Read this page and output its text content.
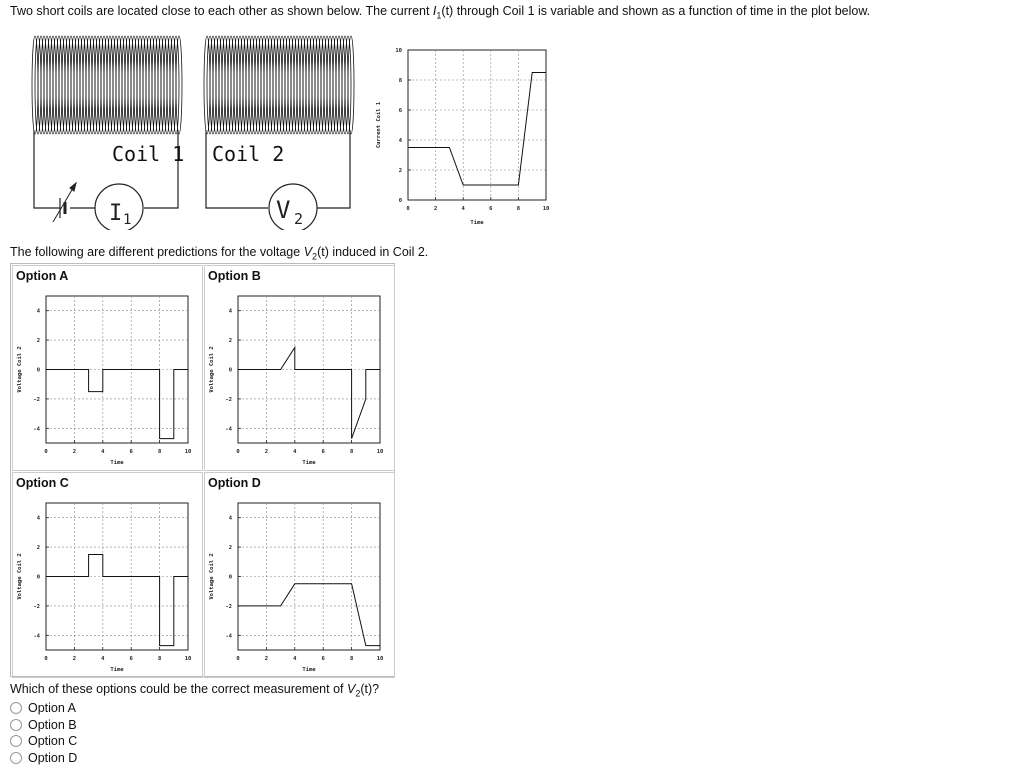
Two short coils are located close to each other as shown below. The current $I_1(t)$ through Coil 1 is variable and shown as a function of time in the plot below.
I 1	V 2
Coil 1 Coil 2
0	2	4	6	8	10
0
2
4
6
8
10
Time
Current Coil 1
The following are different predictions for the voltage $V_2(t)$ induced in Coil 2.
Option A
0	2	4	6	8	10
-4
-2
0
2
4
Time
Voltage Coil 2
Option B
0	2	4	6	8	10
-4
-2
0
2
4
Time
Voltage Coil 2
Option C
0	2	4	6	8	10
-4
-2
0
2
4
Time
Voltage Coil 2
Option D
0	2	4	6	8	10
-4
-2
0
2
4
Time
Voltage Coil 2
Which of these options could be the correct measurement of $V_2(t)$?
Option A
Option B
Option C
Option D
